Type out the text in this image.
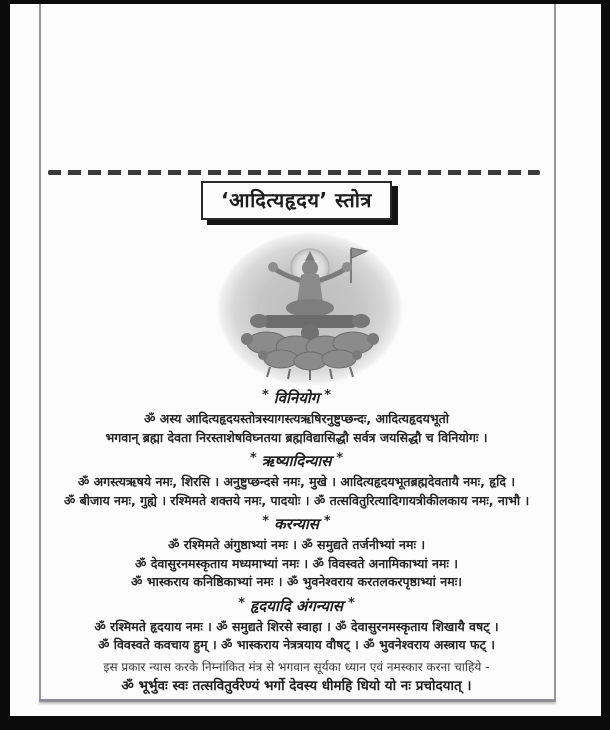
‘आदित्यहृदय’ स्तोत्र
* विनियोग *

ॐ अस्य आदित्यहृदयस्तोत्रस्यागस्त्यऋषिरनुष्टुप्छन्दः, आदित्यहृदयभूतो

भगवान् ब्रह्मा देवता निरस्ताशेषविघ्नतया ब्रह्मविद्यासिद्धौ सर्वत्र जयसिद्धौ च विनियोगः ।

* ऋष्यादिन्यास *

ॐ अगस्त्यऋषये नमः, शिरसि । अनुष्टुप्छन्दसे नमः, मुखे । आदित्यहृदयभूतब्रह्मदेवतायै नमः, हृदि ।

ॐ बीजाय नमः, गुह्ये । रश्मिमते शक्तये नमः, पादयोः । ॐ तत्सवितुरित्यादिगायत्रीकीलकाय नमः, नाभौ ।

* करन्यास *

ॐ रश्मिमते अंगुष्ठाभ्यां नमः । ॐ समुद्यते तर्जनीभ्यां नमः ।

ॐ देवासुरनमस्कृताय मध्यमाभ्यां नमः । ॐ विवस्वते अनामिकाभ्यां नमः ।

ॐ भास्कराय कनिष्ठिकाभ्यां नमः । ॐ भुवनेश्वराय करतलकरपृष्ठाभ्यां नमः।

* हृदयादि अंगन्यास *

ॐ रश्मिमते हृदयाय नमः । ॐ समुद्यते शिरसे स्वाहा । ॐ देवासुरनमस्कृताय शिखायै वषट् ।

ॐ विवस्वते कवचाय हुम् । ॐ भास्कराय नेत्रत्रयाय वौषट् । ॐ भुवनेश्वराय अस्त्राय फट् ।

इस प्रकार न्यास करके निम्नांकित मंत्र से भगवान सूर्यका ध्यान एवं नमस्कार करना चाहिये -

ॐ भूर्भुवः स्वः तत्सवितुर्वरेण्यं भर्गो देवस्य धीमहि धियो यो नः प्रचोदयात् ।
